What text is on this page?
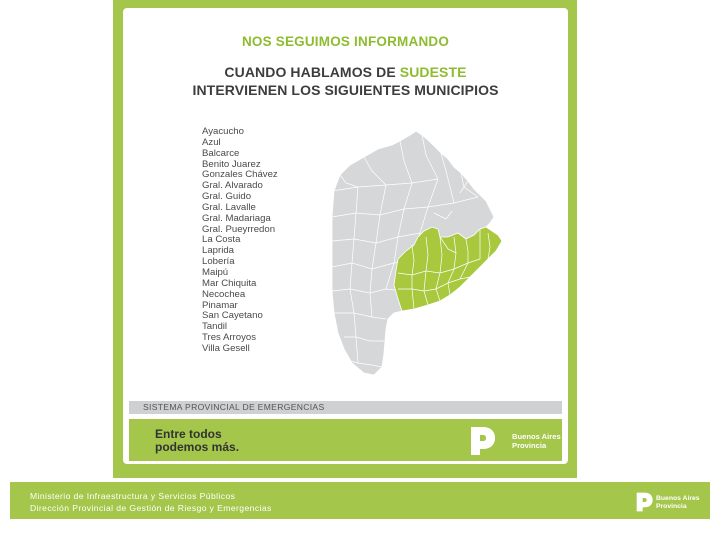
NOS SEGUIMOS INFORMANDO
CUANDO HABLAMOS DE SUDESTE
INTERVIENEN LOS SIGUIENTES MUNICIPIOS
Ayacucho
Azul
Balcarce
Benito Juarez
Gonzales Chávez
Gral. Alvarado
Gral. Guido
Gral. Lavalle
Gral. Madariaga
Gral. Pueyrredon
La Costa
Laprida
Lobería
Maipú
Mar Chiquita
Necochea
Pinamar
San Cayetano
Tandil
Tres Arroyos
Villa Gesell
SISTEMA PROVINCIAL DE EMERGENCIAS
Entre todos
podemos más.
Buenos Aires
Provincia
Ministerio de Infraestructura y Servicios Públicos
Dirección Provincial de Gestión de Riesgo y Emergencias
Buenos Aires
Provincia
